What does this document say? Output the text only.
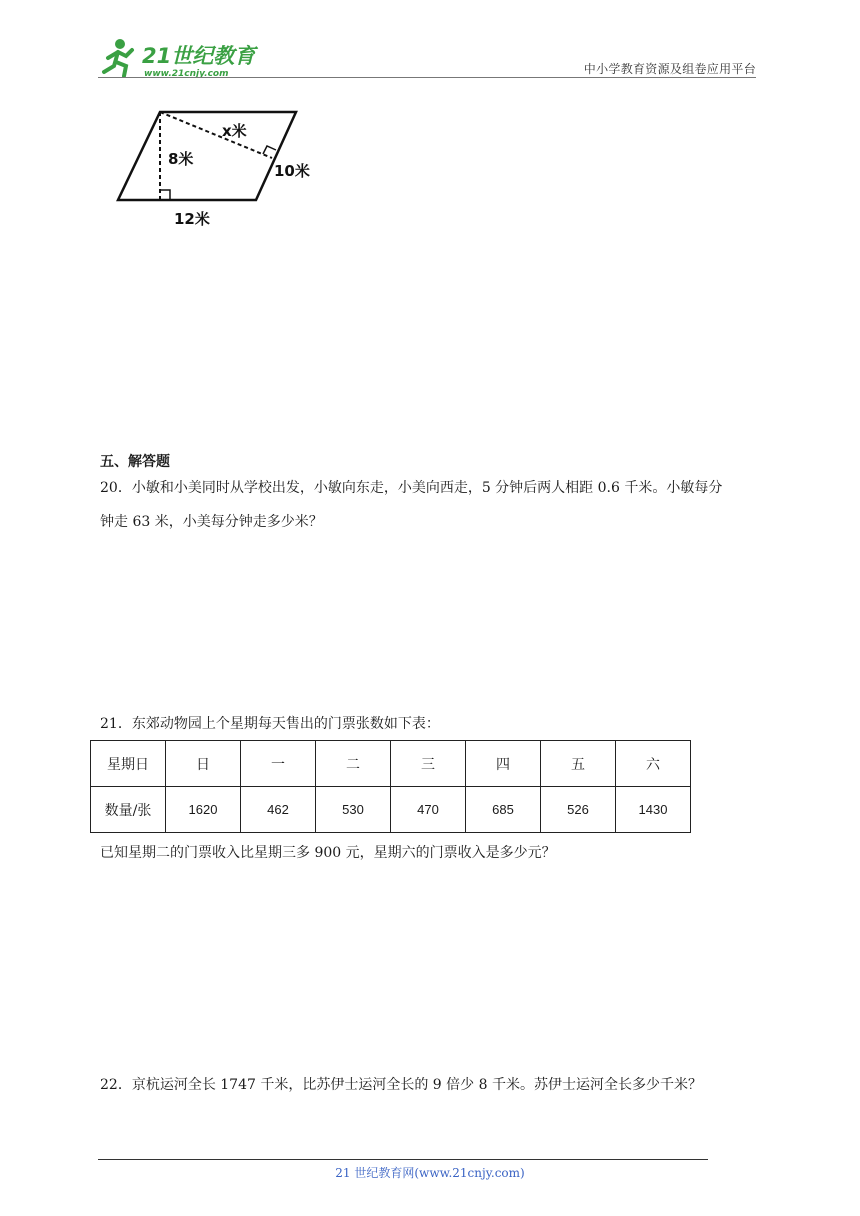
21世纪教育
www.21cnjy.com	中小学教育资源及组卷应用平台
x米
8米
10米
12米
五、解答题
20．小敏和小美同时从学校出发，小敏向东走，小美向西走，5 分钟后两人相距 0.6 千米。小敏每分
钟走 63 米，小美每分钟走多少米？
21．东郊动物园上个星期每天售出的门票张数如下表：
星期日	日	一	二	三	四	五	六
数量/张	1620	462	530	470	685	526	1430
已知星期二的门票收入比星期三多 900 元，星期六的门票收入是多少元？
22．京杭运河全长 1747 千米，比苏伊士运河全长的 9 倍少 8 千米。苏伊士运河全长多少千米？
21 世纪教育网(www.21cnjy.com)
